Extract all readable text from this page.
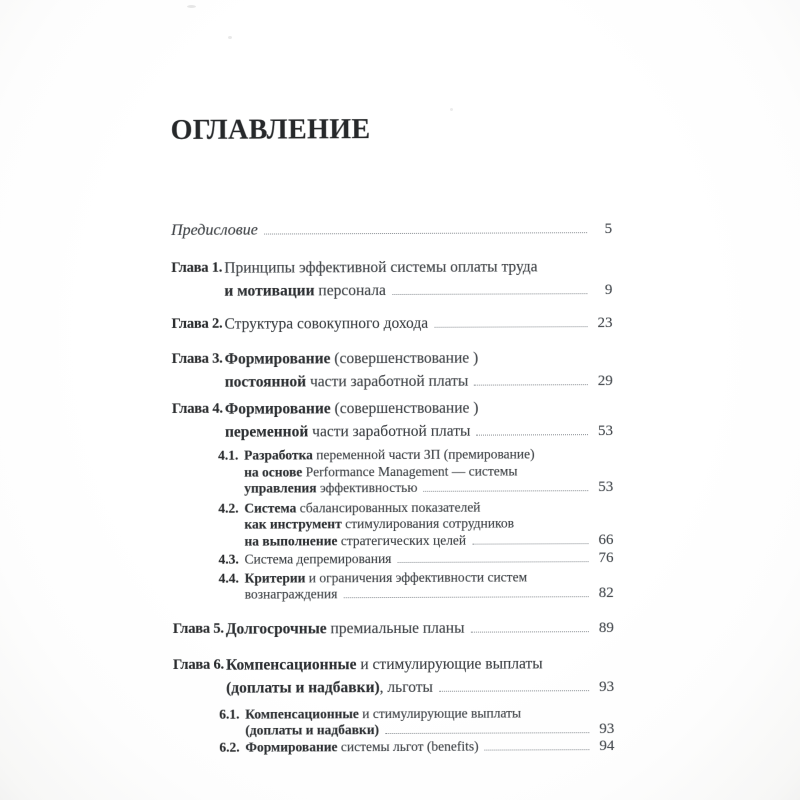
ОГЛАВЛЕНИЕ
Предисловие	5
Глава 1. Принципы эффективной системы оплаты труда
и мотивации персонала	9
Глава 2. Структура совокупного дохода	23
Глава 3. Формирование (совершенствование )
постоянной части заработной платы	29
Глава 4. Формирование (совершенствование )
переменной части заработной платы	53
4.1. Разработка переменной части ЗП (премирование)
на основе Performance Management — системы
управления эффективностью	53
4.2. Система сбалансированных показателей
как инструмент стимулирования сотрудников
на выполнение стратегических целей	66
4.3. Система депремирования	76
4.4. Критерии и ограничения эффективности систем
вознаграждения	82
Глава 5. Долгосрочные премиальные планы	89
Глава 6. Компенсационные и стимулирующие выплаты
(доплаты и надбавки), льготы	93
6.1. Компенсационные и стимулирующие выплаты
(доплаты и надбавки)	93
6.2. Формирование системы льгот (benefits)	94
